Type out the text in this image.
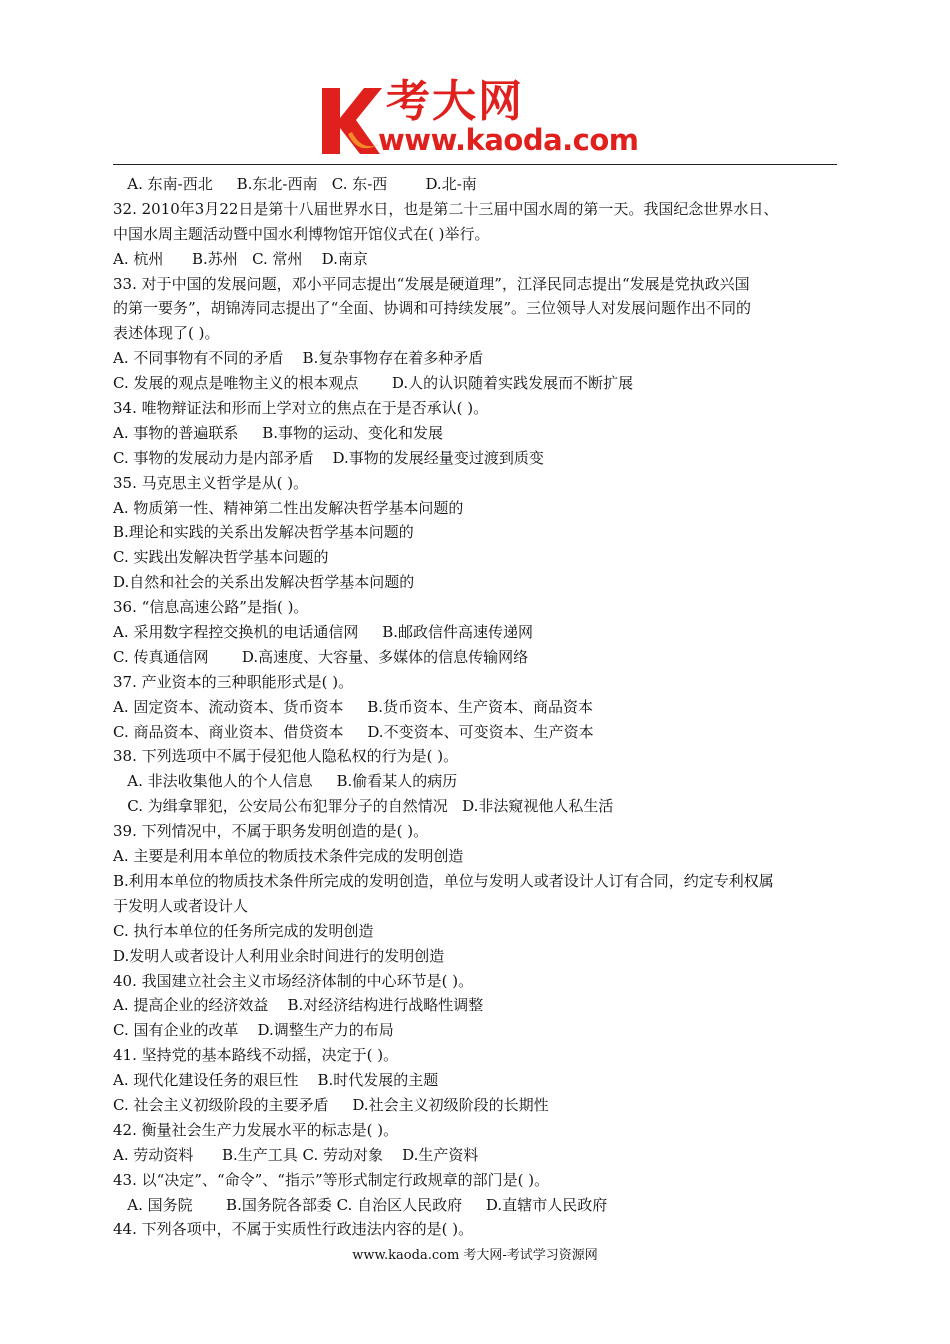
考大网
www.kaoda.com
A. 东南-西北     B.东北-西南   C. 东-西        D.北-南
32. 2010年3月22日是第十八届世界水日，也是第二十三届中国水周的第一天。我国纪念世界水日、
中国水周主题活动暨中国水利博物馆开馆仪式在( )举行。
A. 杭州      B.苏州   C. 常州    D.南京
33. 对于中国的发展问题，邓小平同志提出“发展是硬道理”，江泽民同志提出“发展是党执政兴国
的第一要务”，胡锦涛同志提出了“全面、协调和可持续发展”。三位领导人对发展问题作出不同的
表述体现了( )。
A. 不同事物有不同的矛盾    B.复杂事物存在着多种矛盾
C. 发展的观点是唯物主义的根本观点       D.人的认识随着实践发展而不断扩展
34. 唯物辩证法和形而上学对立的焦点在于是否承认( )。
A. 事物的普遍联系     B.事物的运动、变化和发展
C. 事物的发展动力是内部矛盾    D.事物的发展经量变过渡到质变
35. 马克思主义哲学是从( )。
A. 物质第一性、精神第二性出发解决哲学基本问题的
B.理论和实践的关系出发解决哲学基本问题的
C. 实践出发解决哲学基本问题的
D.自然和社会的关系出发解决哲学基本问题的
36. “信息高速公路”是指( )。
A. 采用数字程控交换机的电话通信网     B.邮政信件高速传递网
C. 传真通信网       D.高速度、大容量、多媒体的信息传输网络
37. 产业资本的三种职能形式是( )。
A. 固定资本、流动资本、货币资本     B.货币资本、生产资本、商品资本
C. 商品资本、商业资本、借贷资本     D.不变资本、可变资本、生产资本
38. 下列选项中不属于侵犯他人隐私权的行为是( )。
A. 非法收集他人的个人信息     B.偷看某人的病历
C. 为缉拿罪犯，公安局公布犯罪分子的自然情况   D.非法窥视他人私生活
39. 下列情况中，不属于职务发明创造的是( )。
A. 主要是利用本单位的物质技术条件完成的发明创造
B.利用本单位的物质技术条件所完成的发明创造，单位与发明人或者设计人订有合同，约定专利权属
于发明人或者设计人
C. 执行本单位的任务所完成的发明创造
D.发明人或者设计人利用业余时间进行的发明创造
40. 我国建立社会主义市场经济体制的中心环节是( )。
A. 提高企业的经济效益    B.对经济结构进行战略性调整
C. 国有企业的改革    D.调整生产力的布局
41. 坚持党的基本路线不动摇，决定于( )。
A. 现代化建设任务的艰巨性    B.时代发展的主题
C. 社会主义初级阶段的主要矛盾     D.社会主义初级阶段的长期性
42. 衡量社会生产力发展水平的标志是( )。
A. 劳动资料      B.生产工具 C. 劳动对象    D.生产资料
43. 以“决定”、“命令”、“指示”等形式制定行政规章的部门是( )。
A. 国务院       B.国务院各部委 C. 自治区人民政府     D.直辖市人民政府
44. 下列各项中，不属于实质性行政违法内容的是( )。
www.kaoda.com 考大网-考试学习资源网
